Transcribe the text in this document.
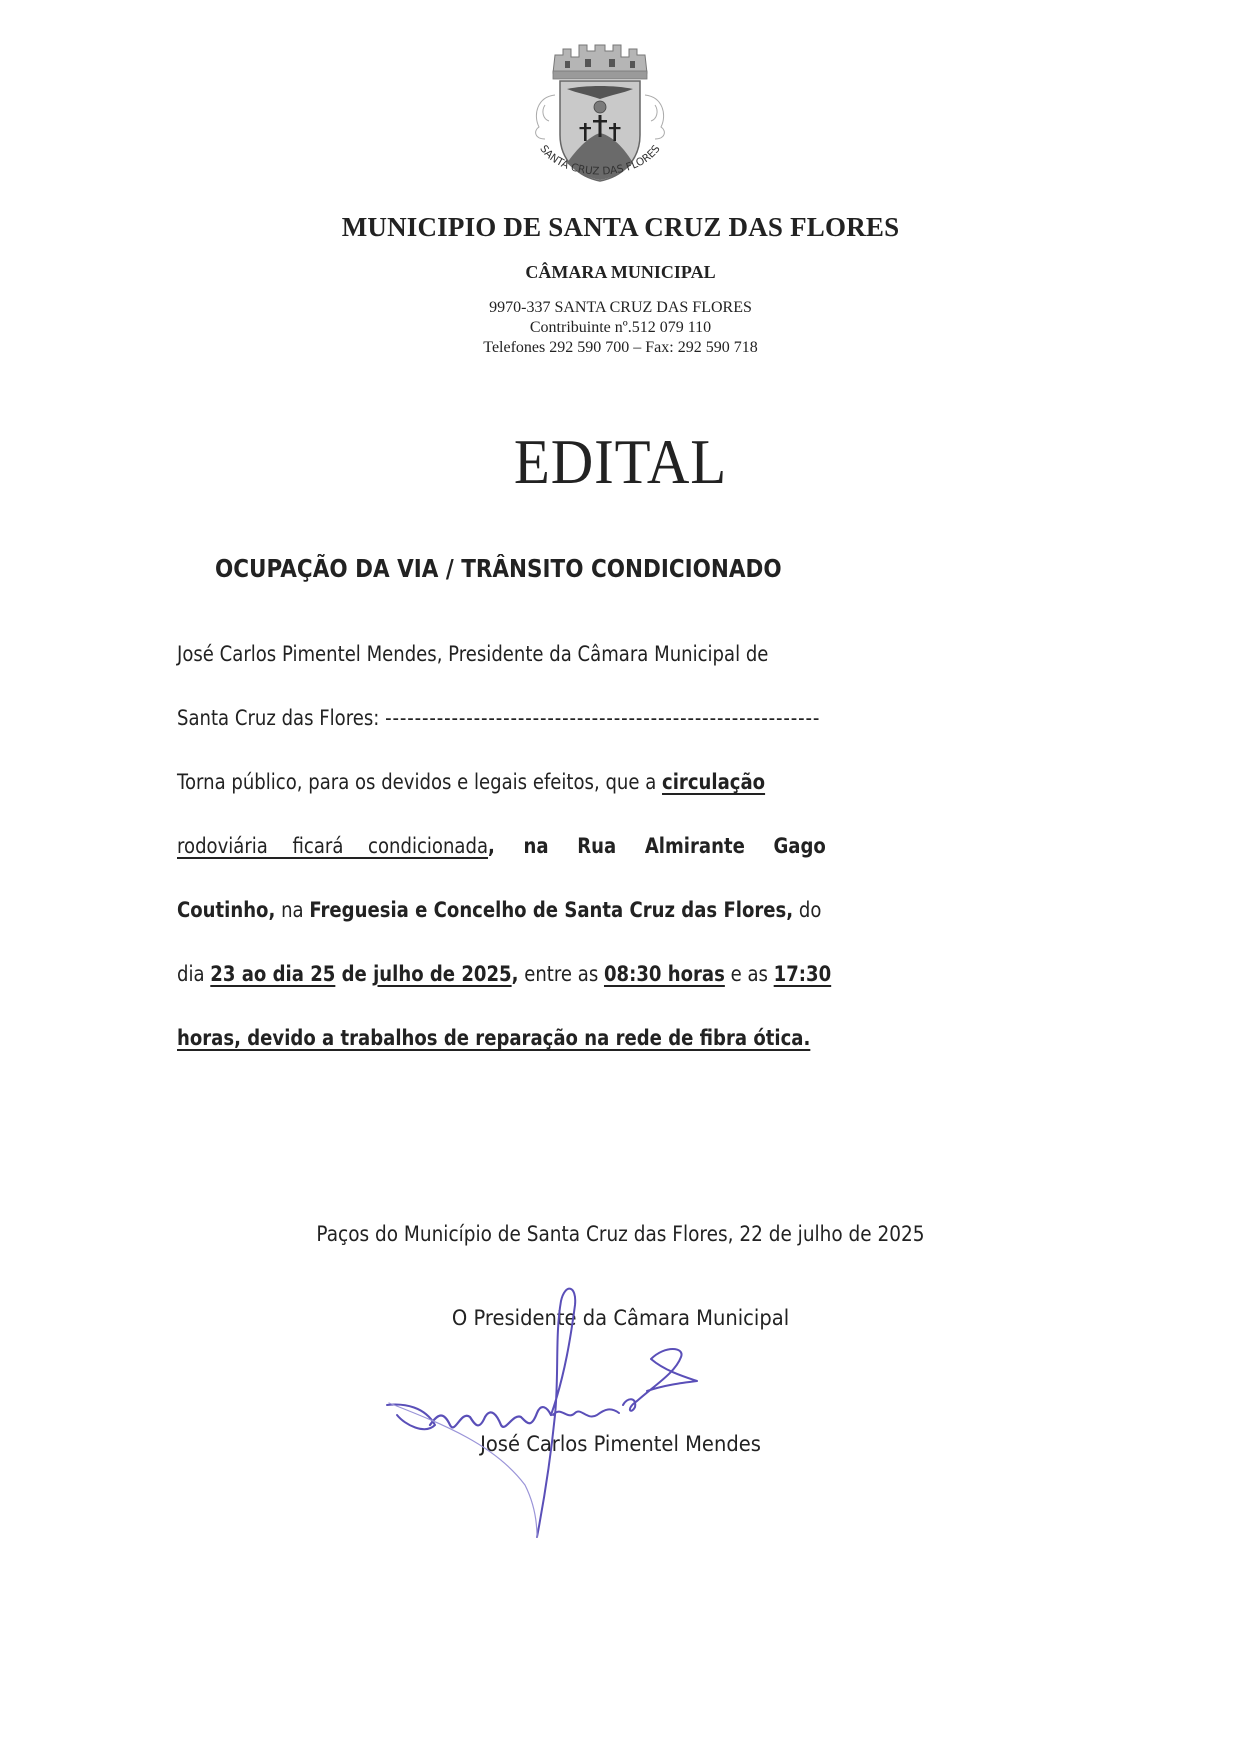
SANTA CRUZ DAS FLORES
MUNICIPIO DE SANTA CRUZ DAS FLORES
CÂMARA MUNICIPAL
9970-337 SANTA CRUZ DAS FLORES
Contribuinte nº.512 079 110
Telefones 292 590 700 – Fax: 292 590 718
EDITAL
OCUPAÇÃO DA VIA / TRÂNSITO CONDICIONADO
José Carlos Pimentel Mendes, Presidente da Câmara Municipal de
Santa Cruz das Flores: -----------------------------------------------------------
Torna público, para os devidos e legais efeitos, que a circulação
rodoviária ficará condicionada , na Rua Almirante Gago
Coutinho, na Freguesia e Concelho de Santa Cruz das Flores, do
dia 23 ao dia 25 de julho de 2025 , entre as 08:30 horas e as 17:30
horas, devido a trabalhos de reparação na rede de fibra ótica.
Paços do Município de Santa Cruz das Flores, 22 de julho de 2025
O Presidente da Câmara Municipal
José Carlos Pimentel Mendes
